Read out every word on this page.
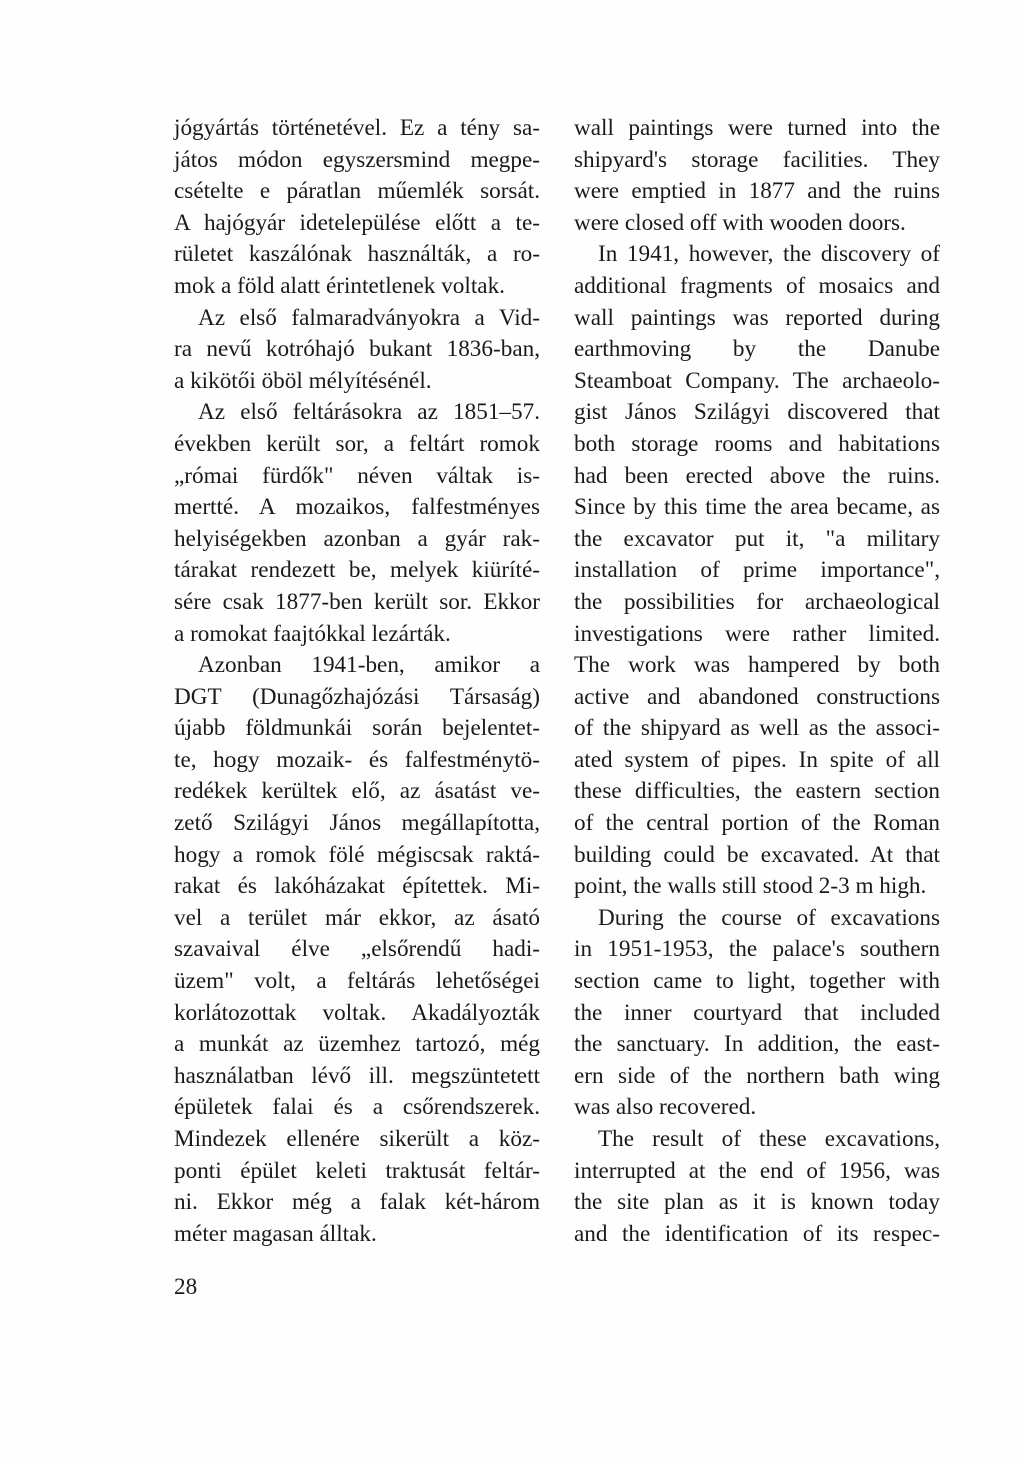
jógyártás történetével. Ez a tény sa-
játos módon egyszersmind megpe-
csételte e páratlan műemlék sorsát.
A hajógyár idetelepülése előtt a te-
rületet kaszálónak használták, a ro-
mok a föld alatt érintetlenek voltak.
Az első falmaradványokra a Vid-
ra nevű kotróhajó bukant 1836-ban,
a kikötői öböl mélyítésénél.
Az első feltárásokra az 1851–57.
években került sor, a feltárt romok
„római fürdők" néven váltak is-
mertté. A mozaikos, falfestményes
helyiségekben azonban a gyár rak-
tárakat rendezett be, melyek kiüríté-
sére csak 1877-ben került sor. Ekkor
a romokat faajtókkal lezárták.
Azonban 1941-ben, amikor a
DGT (Dunagőzhajózási Társaság)
újabb földmunkái során bejelentet-
te, hogy mozaik- és falfestménytö-
redékek kerültek elő, az ásatást ve-
zető Szilágyi János megállapította,
hogy a romok fölé mégiscsak raktá-
rakat és lakóházakat építettek. Mi-
vel a terület már ekkor, az ásató
szavaival élve „elsőrendű hadi-
üzem" volt, a feltárás lehetőségei
korlátozottak voltak. Akadályozták
a munkát az üzemhez tartozó, még
használatban lévő ill. megszüntetett
épületek falai és a csőrendszerek.
Mindezek ellenére sikerült a köz-
ponti épület keleti traktusát feltár-
ni. Ekkor még a falak két-három
méter magasan álltak.
wall paintings were turned into the
shipyard's storage facilities. They
were emptied in 1877 and the ruins
were closed off with wooden doors.
In 1941, however, the discovery of
additional fragments of mosaics and
wall paintings was reported during
earthmoving by the Danube
Steamboat Company. The archaeolo-
gist János Szilágyi discovered that
both storage rooms and habitations
had been erected above the ruins.
Since by this time the area became, as
the excavator put it, "a military
installation of prime importance",
the possibilities for archaeological
investigations were rather limited.
The work was hampered by both
active and abandoned constructions
of the shipyard as well as the associ-
ated system of pipes. In spite of all
these difficulties, the eastern section
of the central portion of the Roman
building could be excavated. At that
point, the walls still stood 2-3 m high.
During the course of excavations
in 1951-1953, the palace's southern
section came to light, together with
the inner courtyard that included
the sanctuary. In addition, the east-
ern side of the northern bath wing
was also recovered.
The result of these excavations,
interrupted at the end of 1956, was
the site plan as it is known today
and the identification of its respec-
28
